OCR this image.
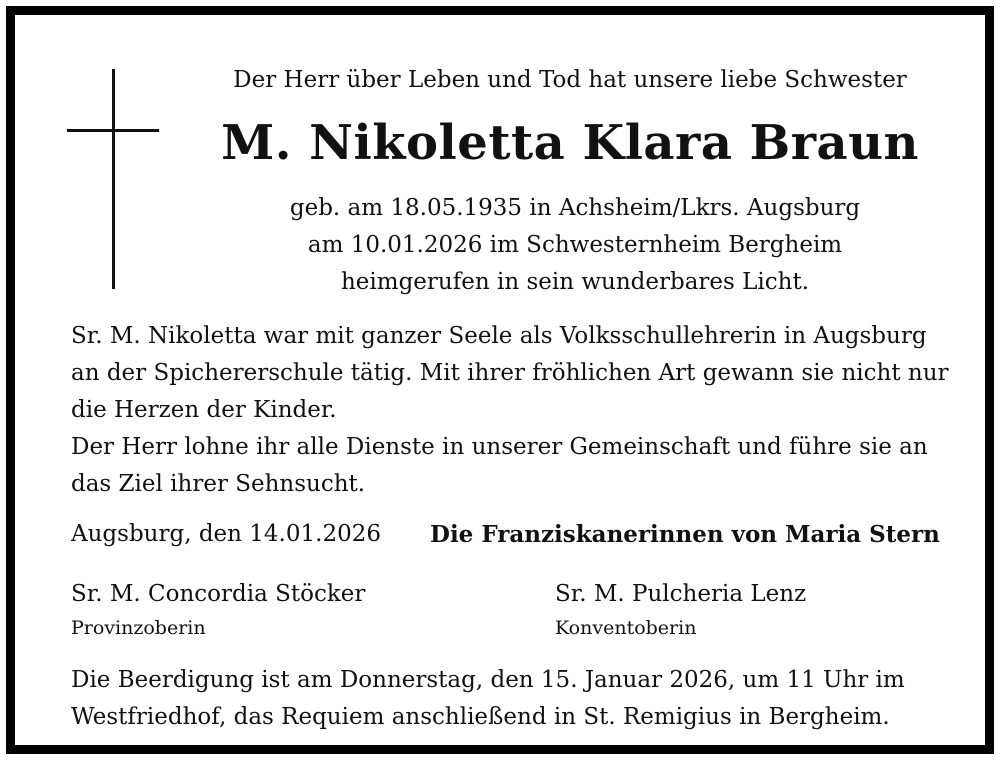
Der Herr über Leben und Tod hat unsere liebe Schwester

M. Nikoletta Klara Braun

geb. am 18.05.1935 in Achsheim/Lkrs. Augsburg

am 10.01.2026 im Schwesternheim Bergheim

heimgerufen in sein wunderbares Licht.

Sr. M. Nikoletta war mit ganzer Seele als Volksschullehrerin in Augsburg

an der Spichererschule tätig. Mit ihrer fröhlichen Art gewann sie nicht nur

die Herzen der Kinder.

Der Herr lohne ihr alle Dienste in unserer Gemeinschaft und führe sie an

das Ziel ihrer Sehnsucht.

Augsburg, den 14.01.2026 Die Franziskanerinnen von Maria Stern

Sr. M. Concordia Stöcker

Provinzoberin

Sr. M. Pulcheria Lenz

Konventoberin

Die Beerdigung ist am Donnerstag, den 15. Januar 2026, um 11 Uhr im

Westfriedhof, das Requiem anschließend in St. Remigius in Bergheim.
